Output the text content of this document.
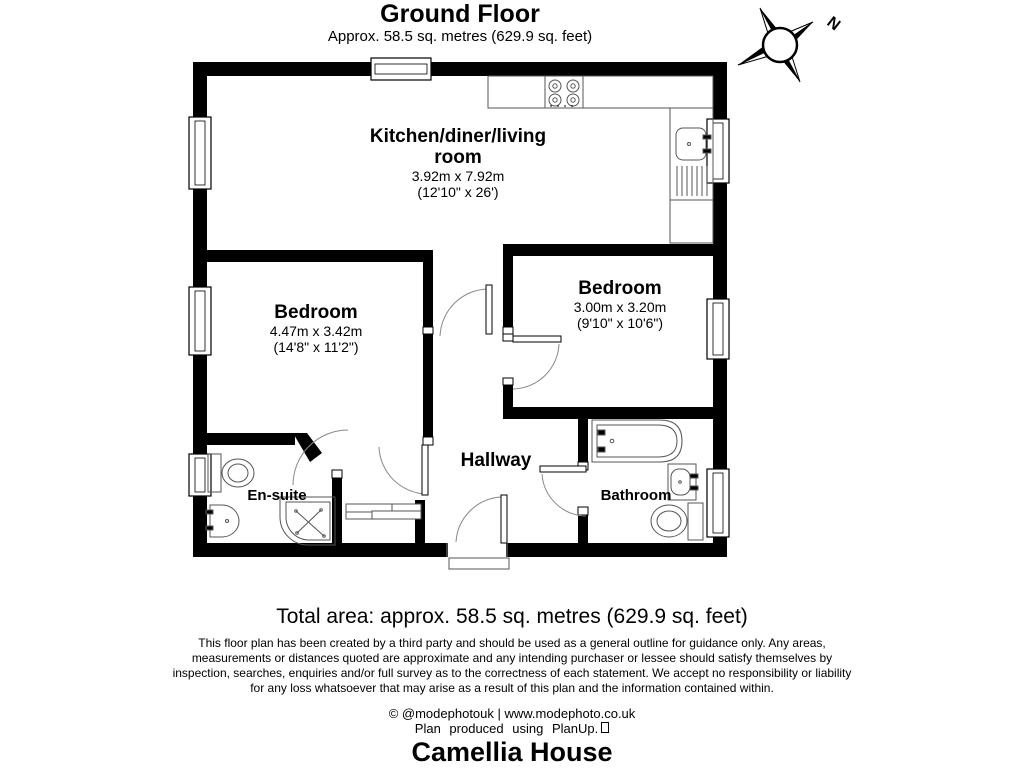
Ground Floor
Approx. 58.5 sq. metres (629.9 sq. feet)
N
Kitchen/diner/living
room
3.92m x 7.92m
(12'10" x 26')
Bedroom
4.47m x 3.42m
(14'8" x 11'2")
Bedroom
3.00m x 3.20m
(9'10" x 10'6")
Hallway
En-suite	Bathroom
Total area: approx. 58.5 sq. metres (629.9 sq. feet)
This floor plan has been created by a third party and should be used as a general outline for guidance only. Any areas,
measurements or distances quoted are approximate and any intending purchaser or lessee should satisfy themselves by
inspection, searches, enquiries and/or full survey as to the correctness of each statement. We accept no responsibility or liability
for any loss whatsoever that may arise as a result of this plan and the information contained within.
© @modephotouk | www.modephoto.co.uk
Plan produced using PlanUp.
Camellia House
